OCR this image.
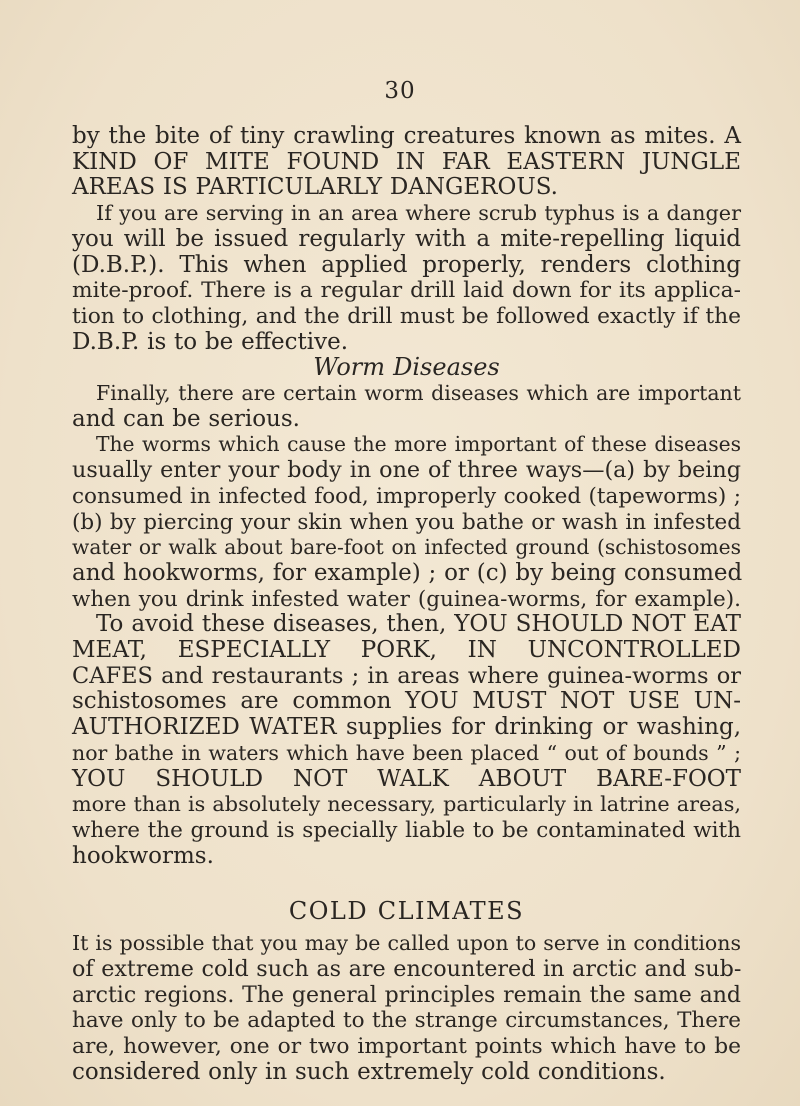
30
by the bite of tiny crawling creatures known as mites. A
KIND OF MITE FOUND IN FAR EASTERN JUNGLE
AREAS IS PARTICULARLY DANGEROUS.
If you are serving in an area where scrub typhus is a danger
you will be issued regularly with a mite-repelling liquid
(D.B.P.). This when applied properly, renders clothing
mite-proof. There is a regular drill laid down for its applica-
tion to clothing, and the drill must be followed exactly if the
D.B.P. is to be effective.
Worm Diseases
Finally, there are certain worm diseases which are important
and can be serious.
The worms which cause the more important of these diseases
usually enter your body in one of three ways—(a) by being
consumed in infected food, improperly cooked (tapeworms) ;
(b) by piercing your skin when you bathe or wash in infested
water or walk about bare-foot on infected ground (schistosomes
and hookworms, for example) ; or (c) by being consumed
when you drink infested water (guinea-worms, for example).
To avoid these diseases, then, YOU SHOULD NOT EAT
MEAT, ESPECIALLY PORK, IN UNCONTROLLED
CAFES and restaurants ; in areas where guinea-worms or
schistosomes are common YOU MUST NOT USE UN-
AUTHORIZED WATER supplies for drinking or washing,
nor bathe in waters which have been placed “ out of bounds ” ;
YOU SHOULD NOT WALK ABOUT BARE-FOOT
more than is absolutely necessary, particularly in latrine areas,
where the ground is specially liable to be contaminated with
hookworms.
COLD CLIMATES
It is possible that you may be called upon to serve in conditions
of extreme cold such as are encountered in arctic and sub-
arctic regions. The general principles remain the same and
have only to be adapted to the strange circumstances, There
are, however, one or two important points which have to be
considered only in such extremely cold conditions.
